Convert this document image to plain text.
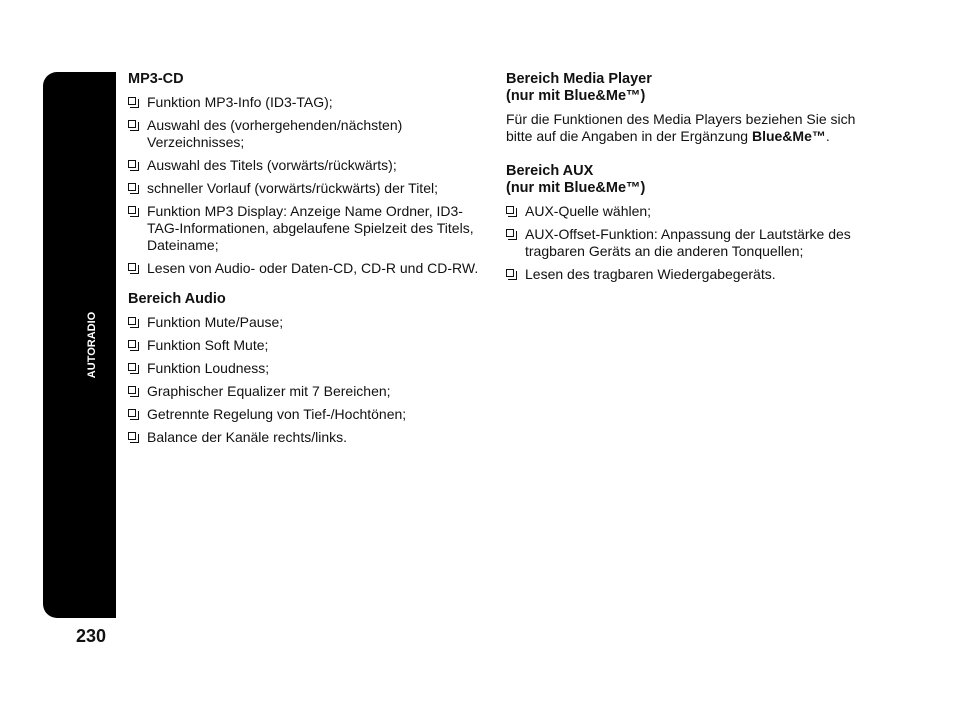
AUTORADIO
230
MP3-CD
Funktion MP3-Info (ID3-TAG);
Auswahl des (vorhergehenden/nächsten) Verzeichnisses;
Auswahl des Titels (vorwärts/rückwärts);
schneller Vorlauf (vorwärts/rückwärts) der Titel;
Funktion MP3 Display: Anzeige Name Ordner, ID3-TAG-Informationen, abgelaufene Spielzeit des Titels, Dateiname;
Lesen von Audio- oder Daten-CD, CD-R und CD-RW.
Bereich Audio
Funktion Mute/Pause;
Funktion Soft Mute;
Funktion Loudness;
Graphischer Equalizer mit 7 Bereichen;
Getrennte Regelung von Tief-/Hochtönen;
Balance der Kanäle rechts/links.
Bereich Media Player
(nur mit Blue&Me™)
Für die Funktionen des Media Players beziehen Sie sich bitte auf die Angaben in der Ergänzung Blue&Me™.
Bereich AUX
(nur mit Blue&Me™)
AUX-Quelle wählen;
AUX-Offset-Funktion: Anpassung der Lautstärke des tragbaren Geräts an die anderen Tonquellen;
Lesen des tragbaren Wiedergabegeräts.
